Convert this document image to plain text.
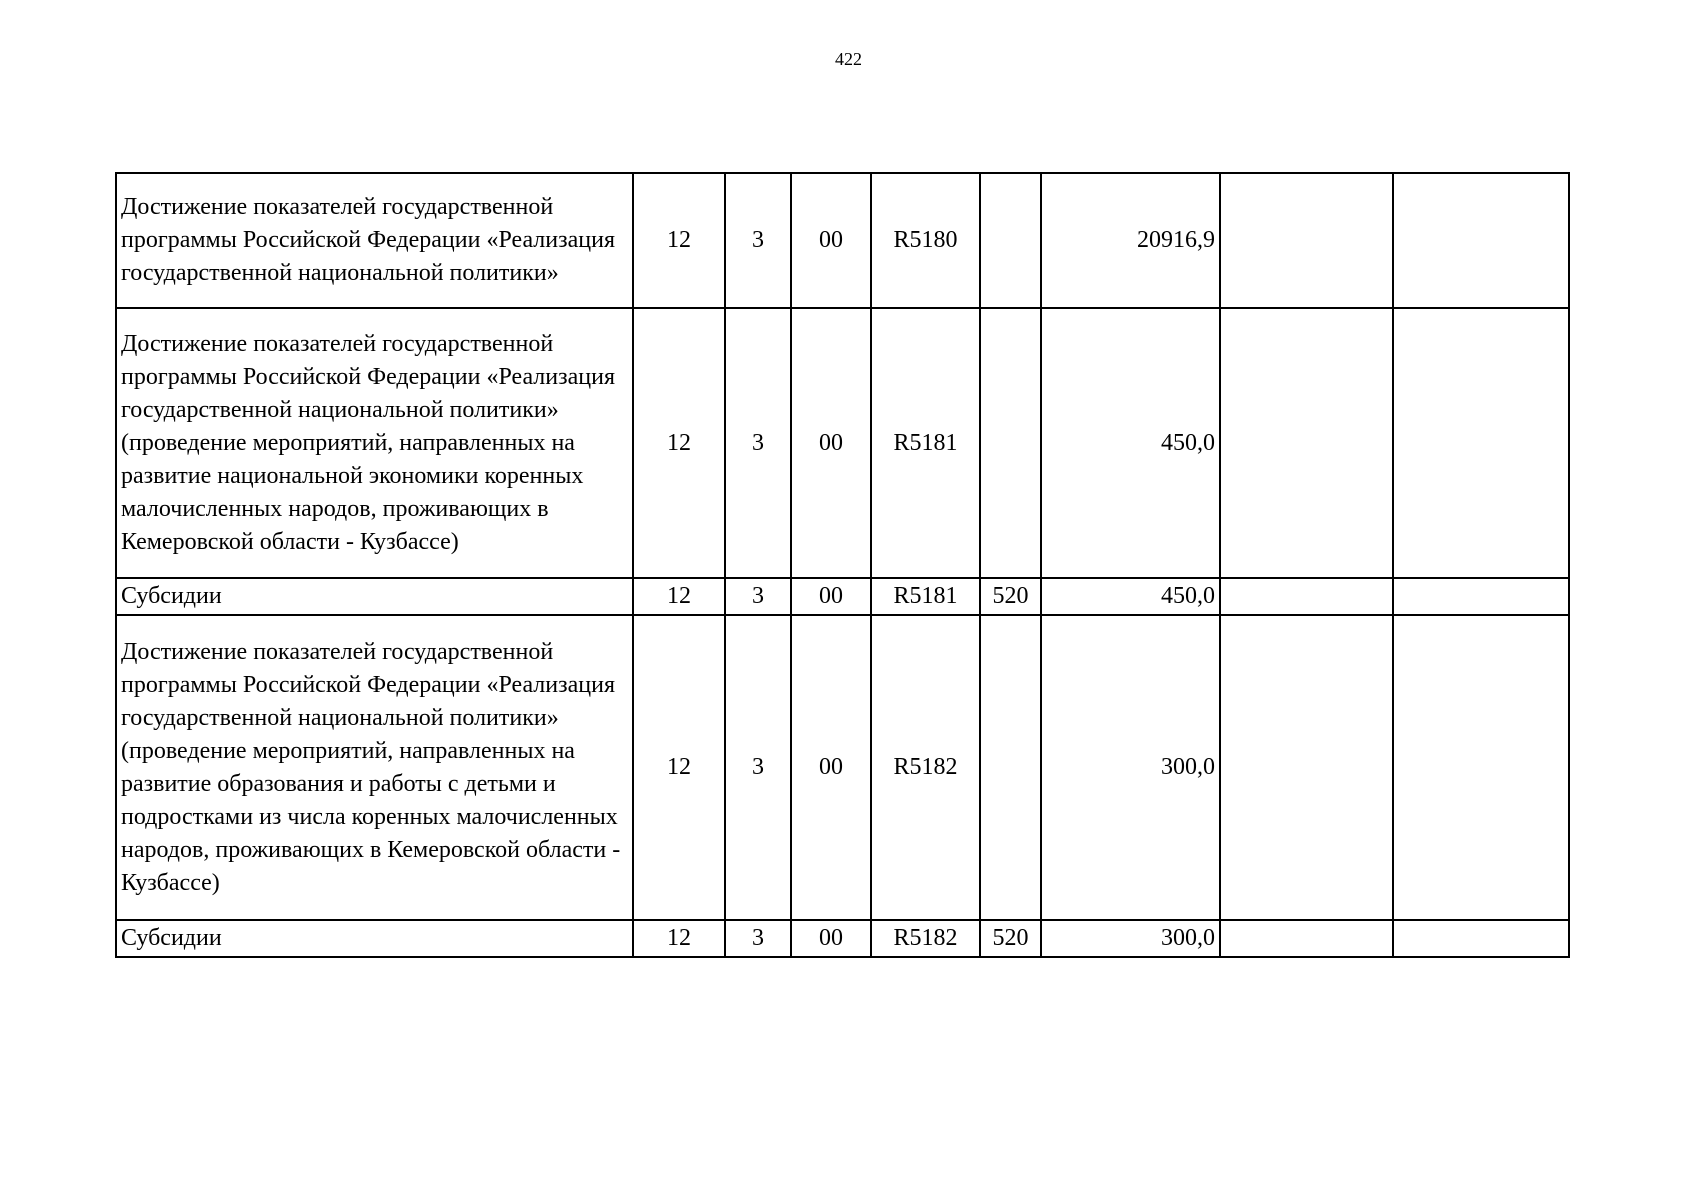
422
Достижение показателей государственной программы Российской Федерации «Реализация государственной национальной политики»	12	3	00	R5180		20916,9		
Достижение показателей государственной программы Российской Федерации «Реализация государственной национальной политики» (проведение мероприятий, направленных на развитие национальной экономики коренных малочисленных народов, проживающих в Кемеровской области - Кузбассе)	12	3	00	R5181		450,0		
Субсидии	12	3	00	R5181	520	450,0		
Достижение показателей государственной программы Российской Федерации «Реализация государственной национальной политики» (проведение мероприятий, направленных на развитие образования и работы с детьми и подростками из числа коренных малочисленных народов, проживающих в Кемеровской области - Кузбассе)	12	3	00	R5182		300,0		
Субсидии	12	3	00	R5182	520	300,0		
